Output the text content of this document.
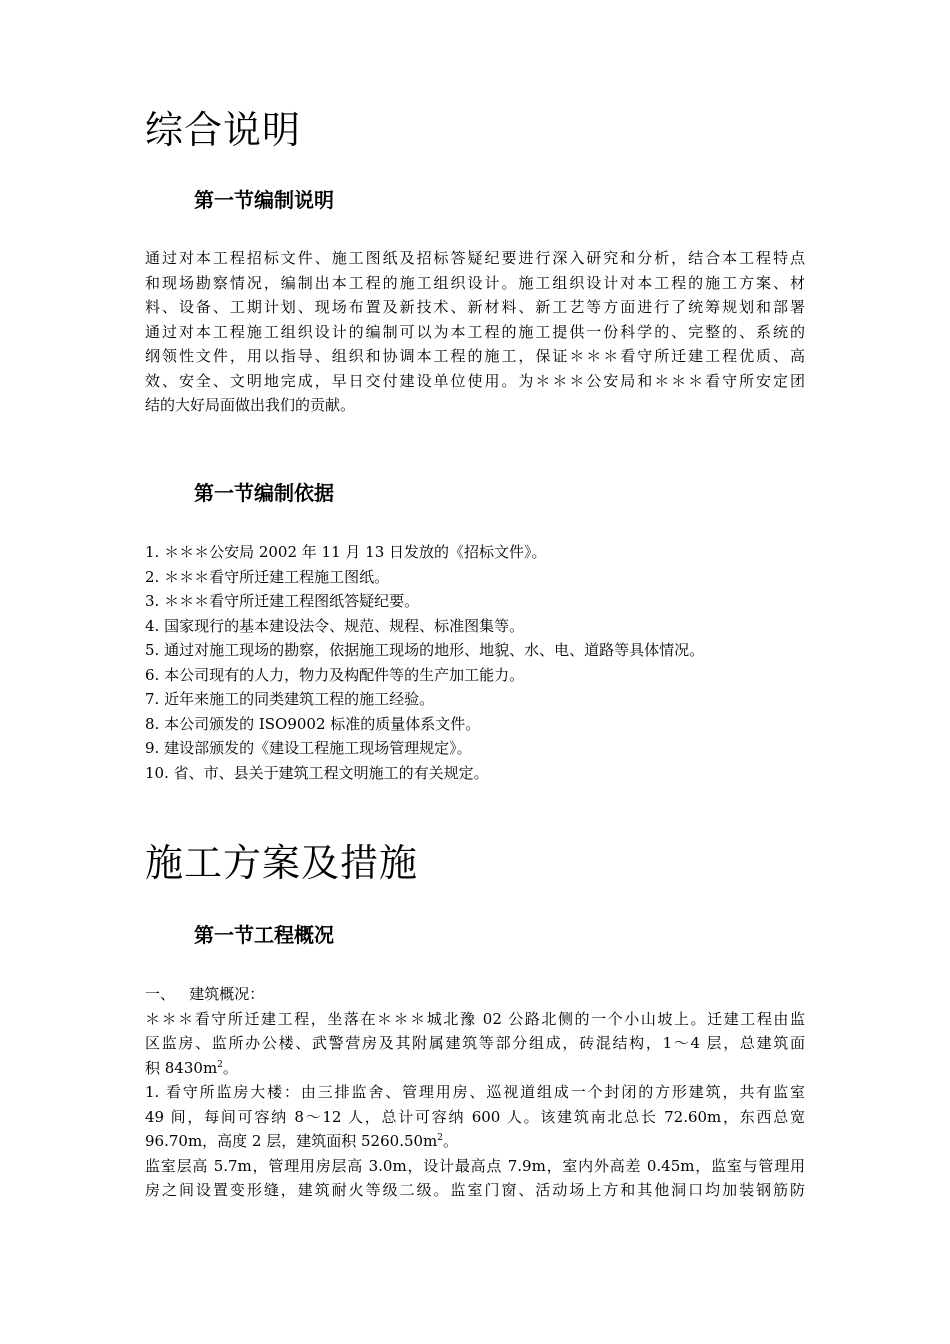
综合说明
第一节编制说明
通过对本工程招标文件、施工图纸及招标答疑纪要进行深入研究和分析，结合本工程特点
和现场勘察情况，编制出本工程的施工组织设计。施工组织设计对本工程的施工方案、材
料、设备、工期计划、现场布置及新技术、新材料、新工艺等方面进行了统筹规划和部署
通过对本工程施工组织设计的编制可以为本工程的施工提供一份科学的、完整的、系统的
纲领性文件，用以指导、组织和协调本工程的施工，保证＊＊＊看守所迁建工程优质、高
效、安全、文明地完成，早日交付建设单位使用。为＊＊＊公安局和＊＊＊看守所安定团
结的大好局面做出我们的贡献。
第一节编制依据
1. ＊＊＊公安局 2002 年 11 月 13 日发放的《招标文件》。
2. ＊＊＊看守所迁建工程施工图纸。
3. ＊＊＊看守所迁建工程图纸答疑纪要。
4. 国家现行的基本建设法令、规范、规程、标准图集等。
5. 通过对施工现场的勘察，依据施工现场的地形、地貌、水、电、道路等具体情况。
6. 本公司现有的人力，物力及构配件等的生产加工能力。
7. 近年来施工的同类建筑工程的施工经验。
8. 本公司颁发的 ISO9002 标准的质量体系文件。
9. 建设部颁发的《建设工程施工现场管理规定》。
10. 省、市、县关于建筑工程文明施工的有关规定。
施工方案及措施
第一节工程概况
一、   建筑概况：
＊＊＊看守所迁建工程，坐落在＊＊＊城北豫 02 公路北侧的一个小山坡上。迁建工程由监
区监房、监所办公楼、武警营房及其附属建筑等部分组成，砖混结构，1～4 层，总建筑面
积 $8430m^2$。
1. 看守所监房大楼：由三排监舍、管理用房、巡视道组成一个封闭的方形建筑，共有监室
49 间，每间可容纳 8～12 人，总计可容纳 600 人。该建筑南北总长 72.60m，东西总宽
96.70m，高度 2 层，建筑面积 $5260.50m^2$。
监室层高 5.7m，管理用房层高 3.0m，设计最高点 7.9m，室内外高差 0.45m，监室与管理用
房之间设置变形缝，建筑耐火等级二级。监室门窗、活动场上方和其他洞口均加装钢筋防
